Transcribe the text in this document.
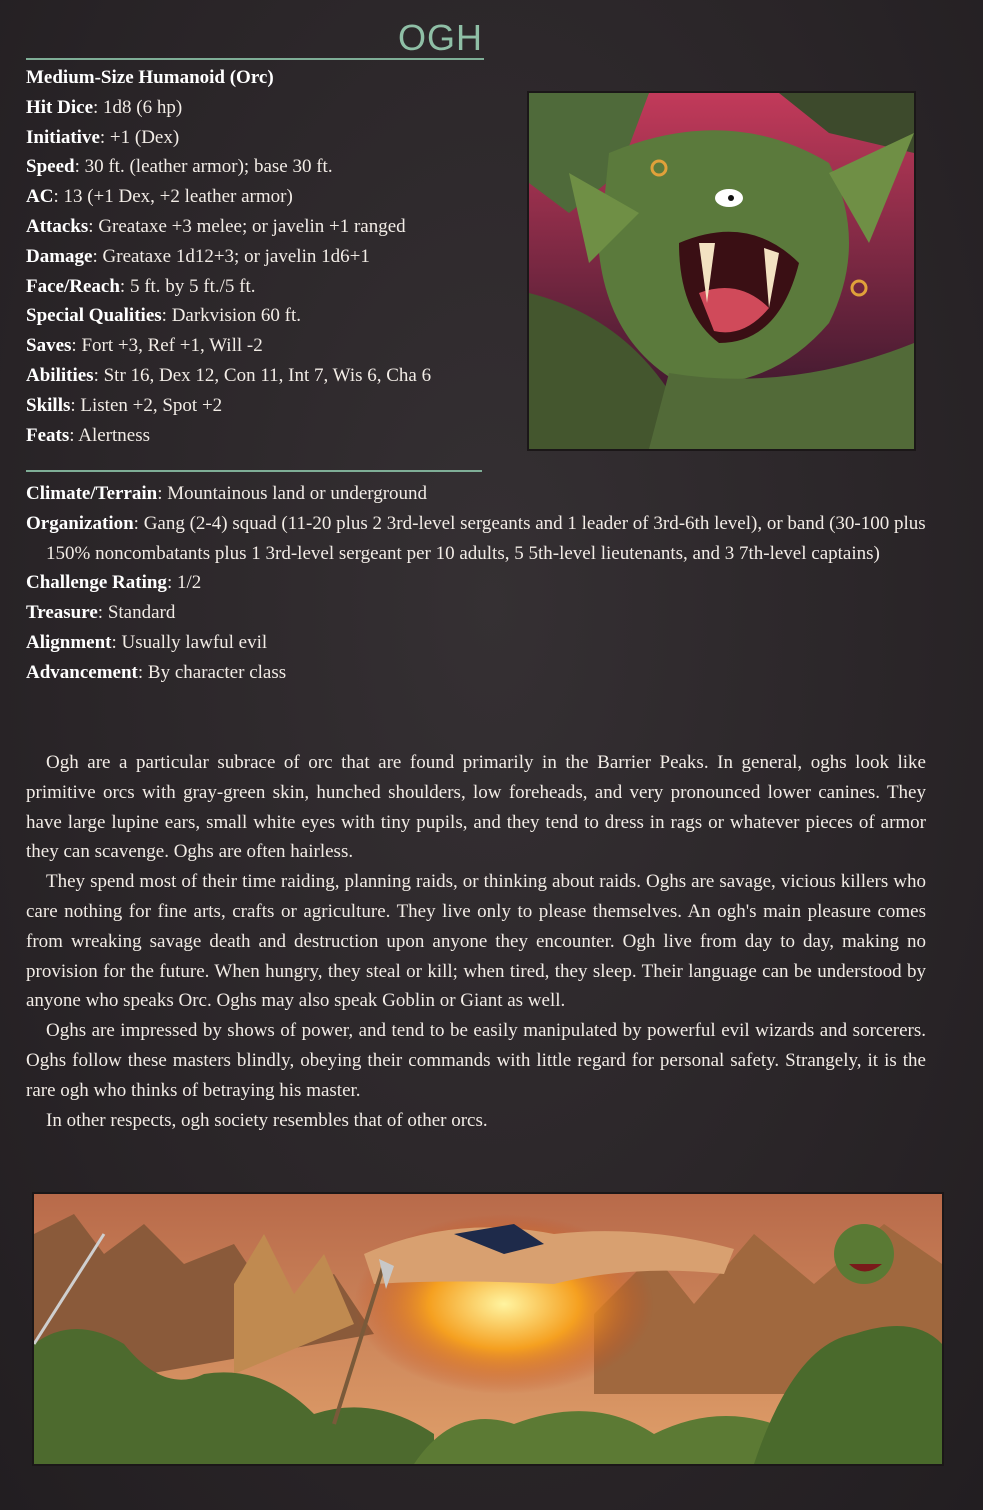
OGH
Medium-Size Humanoid (Orc)
Hit Dice: 1d8 (6 hp)
Initiative: +1 (Dex)
Speed: 30 ft. (leather armor); base 30 ft.
AC: 13 (+1 Dex, +2 leather armor)
Attacks: Greataxe +3 melee; or javelin +1 ranged
Damage: Greataxe 1d12+3; or javelin 1d6+1
Face/Reach: 5 ft. by 5 ft./5 ft.
Special Qualities: Darkvision 60 ft.
Saves: Fort +3, Ref +1, Will -2
Abilities: Str 16, Dex 12, Con 11, Int 7, Wis 6, Cha 6
Skills: Listen +2, Spot +2
Feats: Alertness
Climate/Terrain: Mountainous land or underground
Organization: Gang (2-4) squad (11-20 plus 2 3rd-level sergeants and 1 leader of 3rd-6th level), or band (30-100 plus 150% noncombatants plus 1 3rd-level sergeant per 10 adults, 5 5th-level lieutenants, and 3 7th-level captains)
Challenge Rating: 1/2
Treasure: Standard
Alignment: Usually lawful evil
Advancement: By character class

Ogh are a particular subrace of orc that are found primarily in the Barrier Peaks. In general, oghs look like primitive orcs with gray-green skin, hunched shoulders, low foreheads, and very pronounced lower canines. They have large lupine ears, small white eyes with tiny pupils, and they tend to dress in rags or whatever pieces of armor they can scavenge. Oghs are often hairless.

They spend most of their time raiding, planning raids, or thinking about raids. Oghs are savage, vicious killers who care nothing for fine arts, crafts or agriculture. They live only to please themselves. An ogh's main pleasure comes from wreaking savage death and destruction upon anyone they encounter. Ogh live from day to day, making no provision for the future. When hungry, they steal or kill; when tired, they sleep. Their language can be understood by anyone who speaks Orc. Oghs may also speak Goblin or Giant as well.

Oghs are impressed by shows of power, and tend to be easily manipulated by powerful evil wizards and sorcerers. Oghs follow these masters blindly, obeying their commands with little regard for personal safety. Strangely, it is the rare ogh who thinks of betraying his master.

In other respects, ogh society resembles that of other orcs.
